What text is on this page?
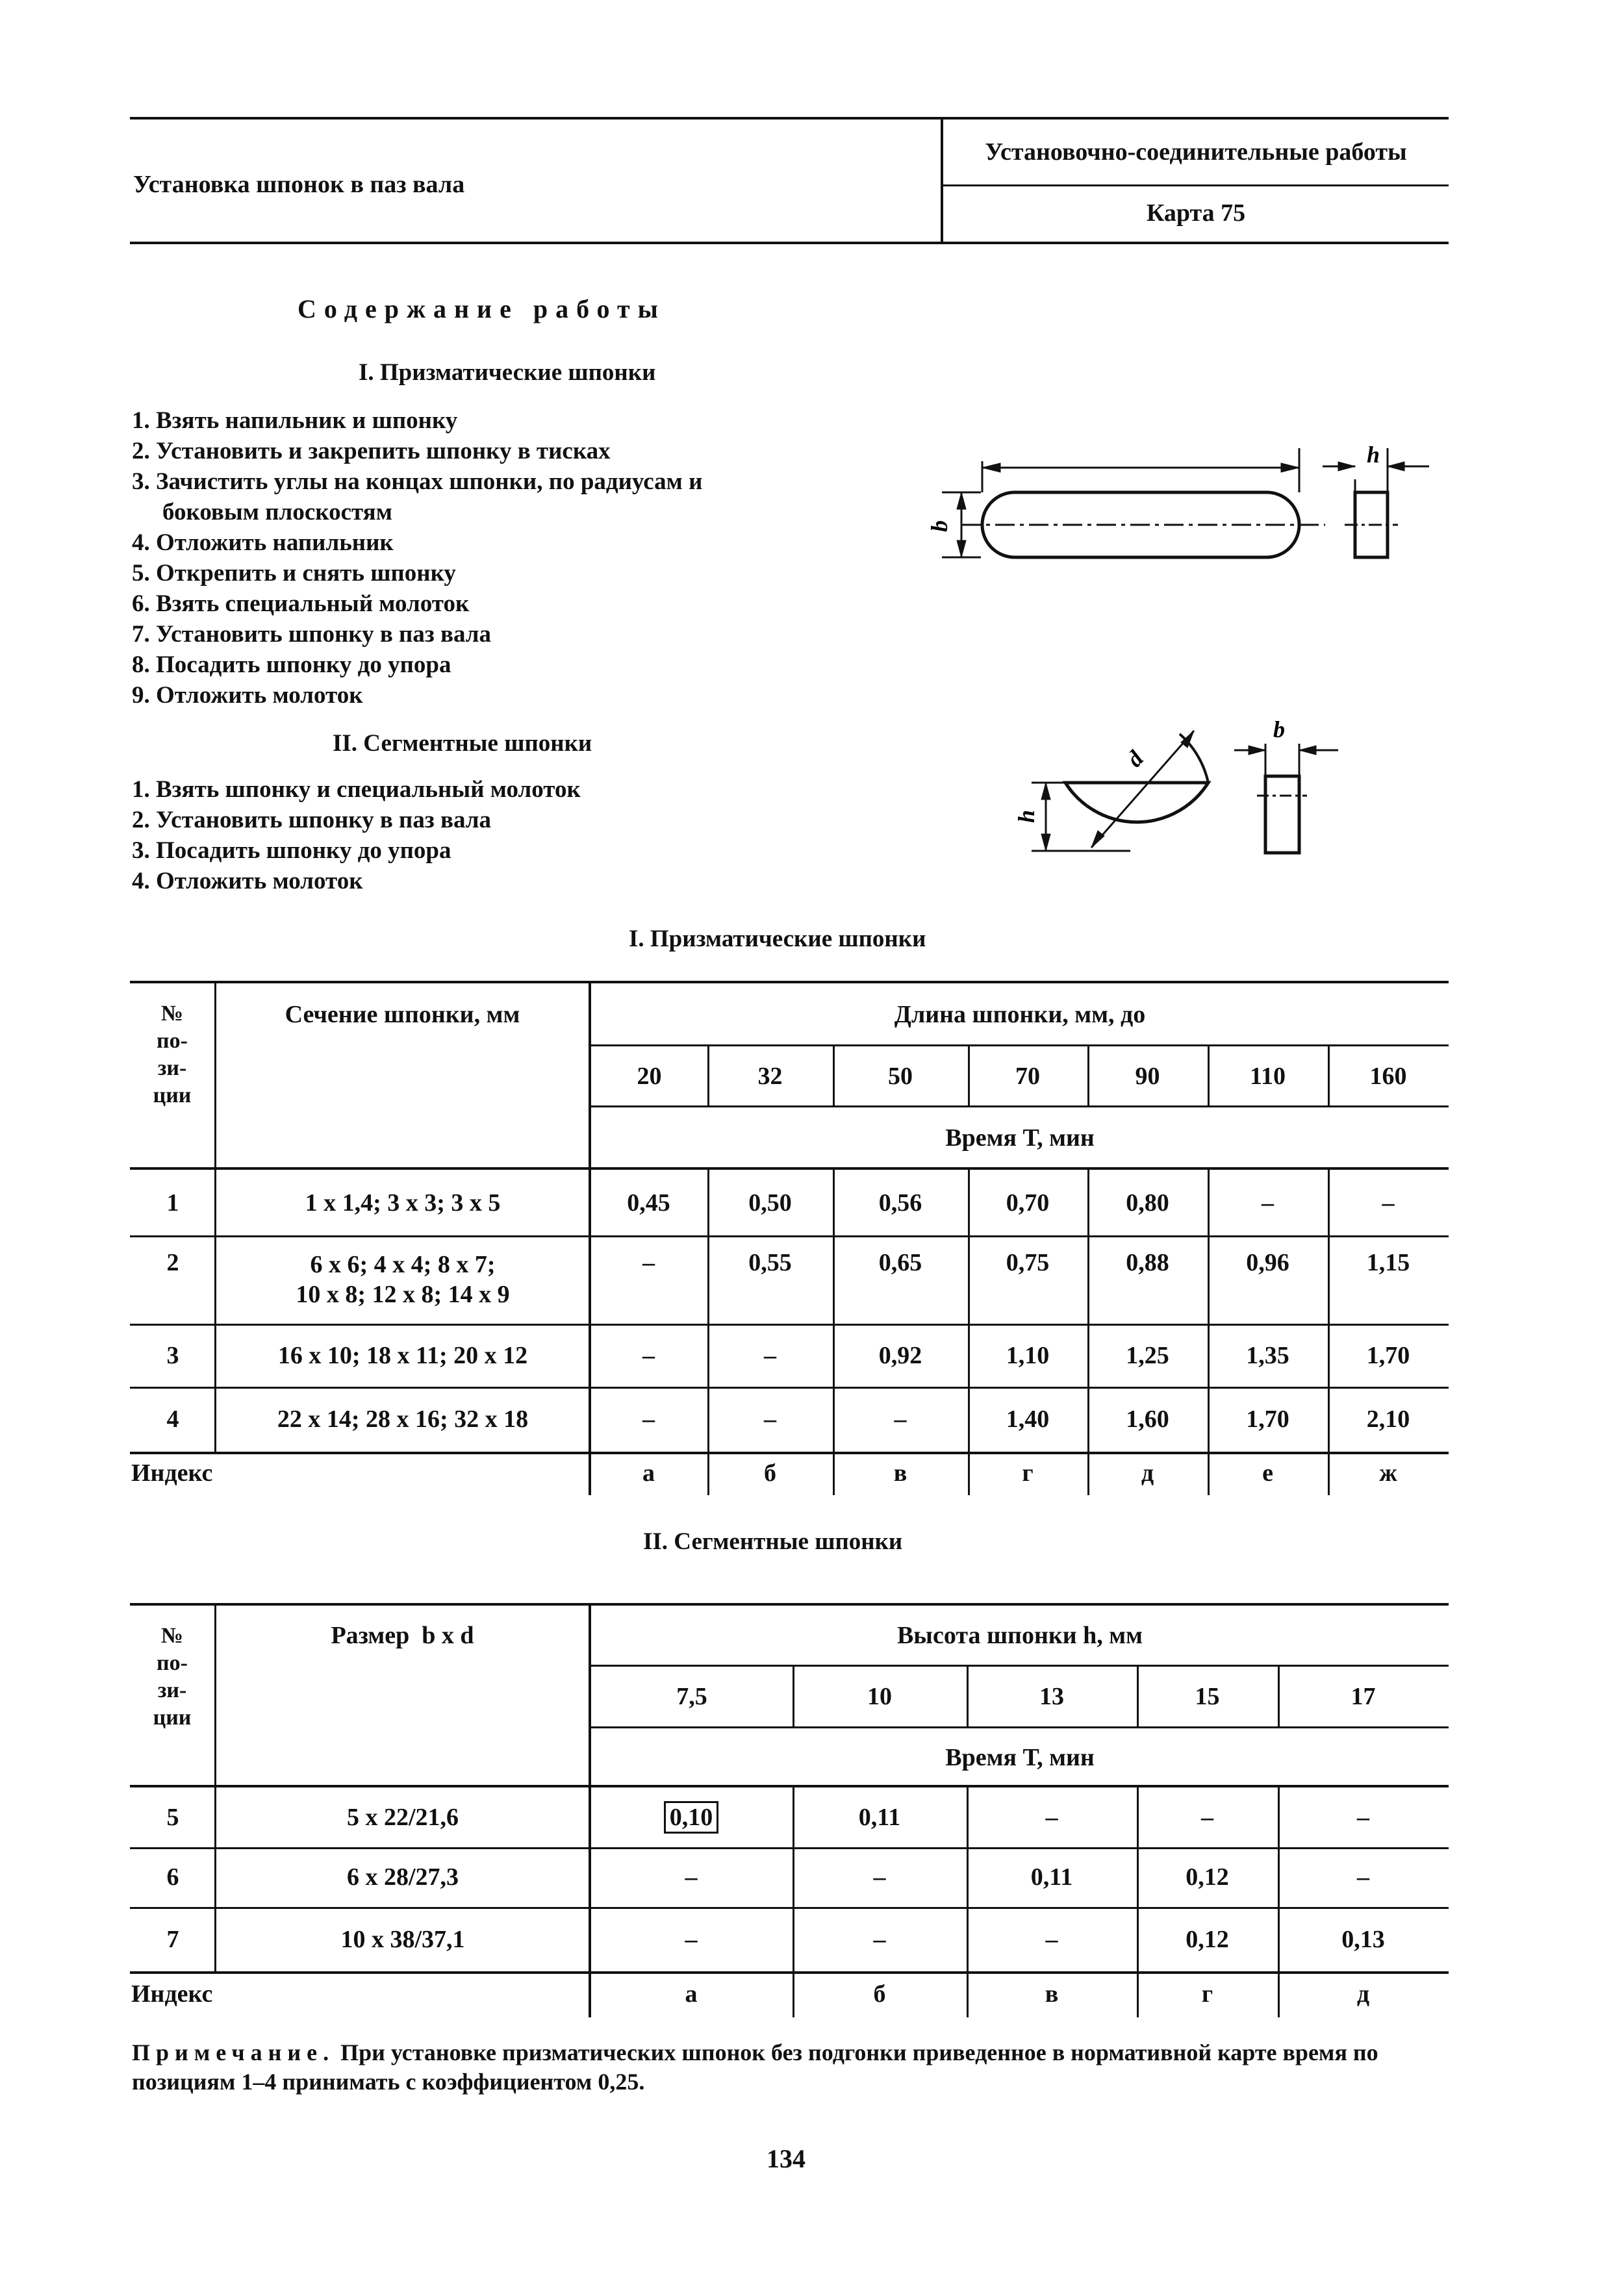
Установка шпонок в паз вала
Установочно-соединительные работы
Карта 75
Содержание работы
I. Призматические шпонки
1. Взять напильник и шпонку
2. Установить и закрепить шпонку в тисках
3. Зачистить углы на концах шпонки, по радиусам и
боковым плоскостям
4. Отложить напильник
5. Открепить и снять шпонку
6. Взять специальный молоток
7. Установить шпонку в паз вала
8. Посадить шпонку до упора
9. Отложить молоток
II. Сегментные шпонки
1. Взять шпонку и специальный молоток
2. Установить шпонку в паз вала
3. Посадить шпонку до упора
4. Отложить молоток
b
h
d
h
b
I. Призматические шпонки
№
по-
зи-
ции
Сечение шпонки, мм	Длина шпонки, мм, до
Время Т, мин
20	32	50	70	90	110	160
1	1 х 1,4; 3 х 3; 3 х 5	0,45	0,50	0,56	0,70	0,80	–	–
2	6 х 6; 4 х 4; 8 х 7;
10 х 8; 12 х 8; 14 х 9	–	0,55	0,65	0,75	0,88	0,96	1,15
3	16 х 10; 18 х 11; 20 х 12	–	–	0,92	1,10	1,25	1,35	1,70
4	22 х 14; 28 х 16; 32 х 18	–	–	–	1,40	1,60	1,70	2,10
Индекс		а	б	в	г	д	е	ж
II. Сегментные шпонки
№
по-
зи-
ции
Размер  b х d	Высота шпонки h, мм
Время Т, мин
7,5	10	13	15	17
5	5 х 22/21,6	0,10	0,11	–	–	–
6	6 х 28/27,3	–	–	0,11	0,12	–
7	10 х 38/37,1	–	–	–	0,12	0,13
Индекс		а	б	в	г	д
Примечание. При установке призматических шпонок без подгонки приведенное в нормативной карте время по позициям 1–4 принимать с коэффициентом 0,25.
134
